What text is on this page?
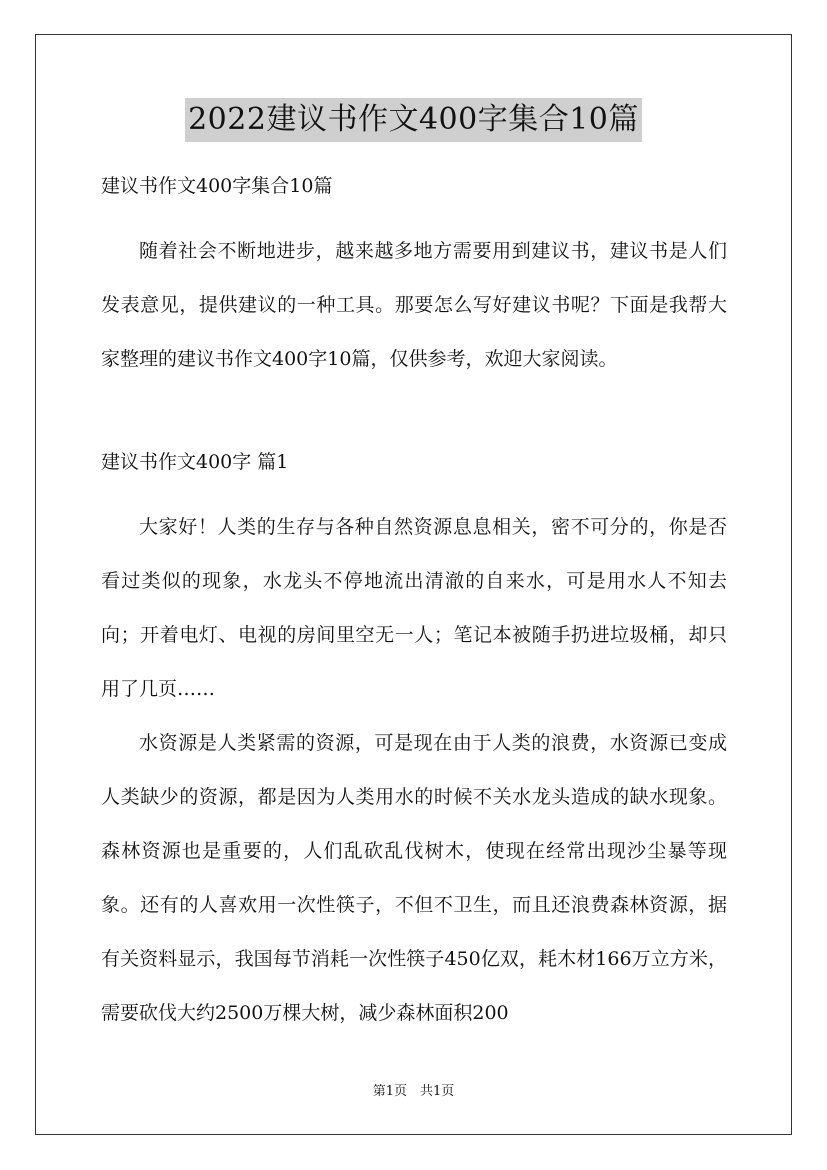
2022建议书作文400字集合10篇

建议书作文400字集合10篇

随着社会不断地进步，越来越多地方需要用到建议书，建议书是人们发表意见，提供建议的一种工具。那要怎么写好建议书呢？下面是我帮大家整理的建议书作文400字10篇，仅供参考，欢迎大家阅读。

建议书作文400字 篇1

大家好！人类的生存与各种自然资源息息相关，密不可分的，你是否看过类似的现象，水龙头不停地流出清澈的自来水，可是用水人不知去向；开着电灯、电视的房间里空无一人；笔记本被随手扔进垃圾桶，却只用了几页……

水资源是人类紧需的资源，可是现在由于人类的浪费，水资源已变成人类缺少的资源，都是因为人类用水的时候不关水龙头造成的缺水现象。森林资源也是重要的，人们乱砍乱伐树木，使现在经常出现沙尘暴等现象。还有的人喜欢用一次性筷子，不但不卫生，而且还浪费森林资源，据有关资料显示，我国每节消耗一次性筷子450亿双，耗木材166万立方米，需要砍伐大约2500万棵大树，减少森林面积200

第1页　共1页
